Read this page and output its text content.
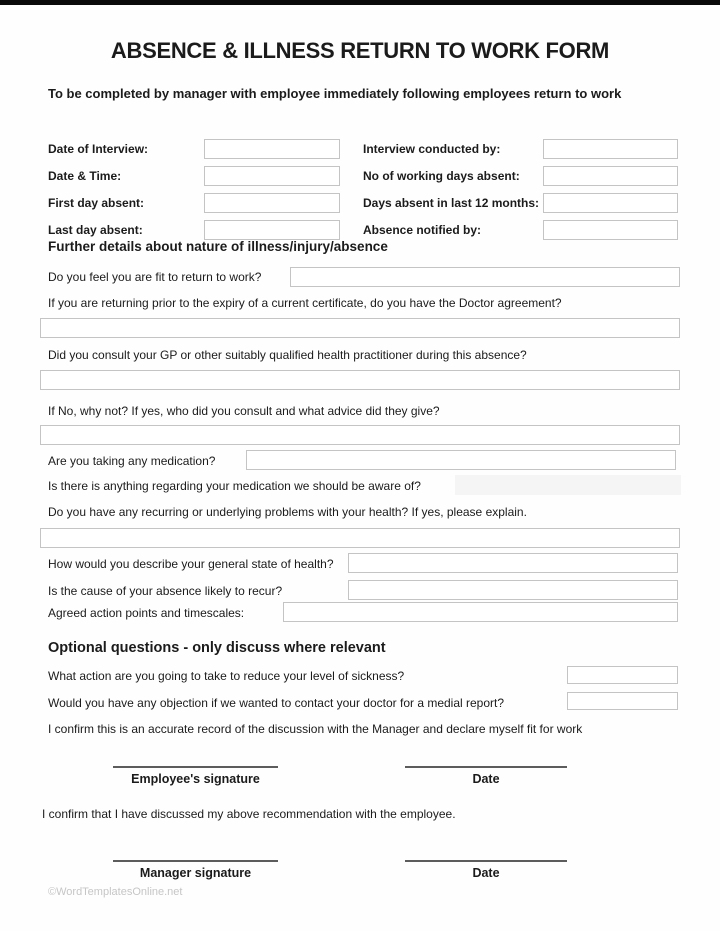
ABSENCE & ILLNESS RETURN TO WORK FORM
To be completed by manager with employee immediately following employees return to work
Date of Interview:
Date & Time:
First day absent:
Last day absent:
Interview conducted by:
No of working days absent:
Days absent in last 12 months:
Absence notified by:
Further details about nature of illness/injury/absence
Do you feel you are fit to return to work?
If you are returning prior to the expiry of a current certificate, do you have the Doctor agreement?
Did you consult your GP or other suitably qualified health practitioner during this absence?
If No, why not? If yes, who did you consult and what advice did they give?
Are you taking any medication?
Is there is anything regarding your medication we should be aware of?
Do you have any recurring or underlying problems with your health? If yes, please explain.
How would you describe your general state of health?
Is the cause of your absence likely to recur?
Agreed action points and timescales:
Optional questions - only discuss where relevant
What action are you going to take to reduce your level of sickness?
Would you have any objection if we wanted to contact your doctor for a medial report?
I confirm this is an accurate record of the discussion with the Manager and declare myself fit for work
Employee's signature	Date
I confirm that I have discussed my above recommendation with the employee.
Manager signature	Date
©WordTemplatesOnline.net
